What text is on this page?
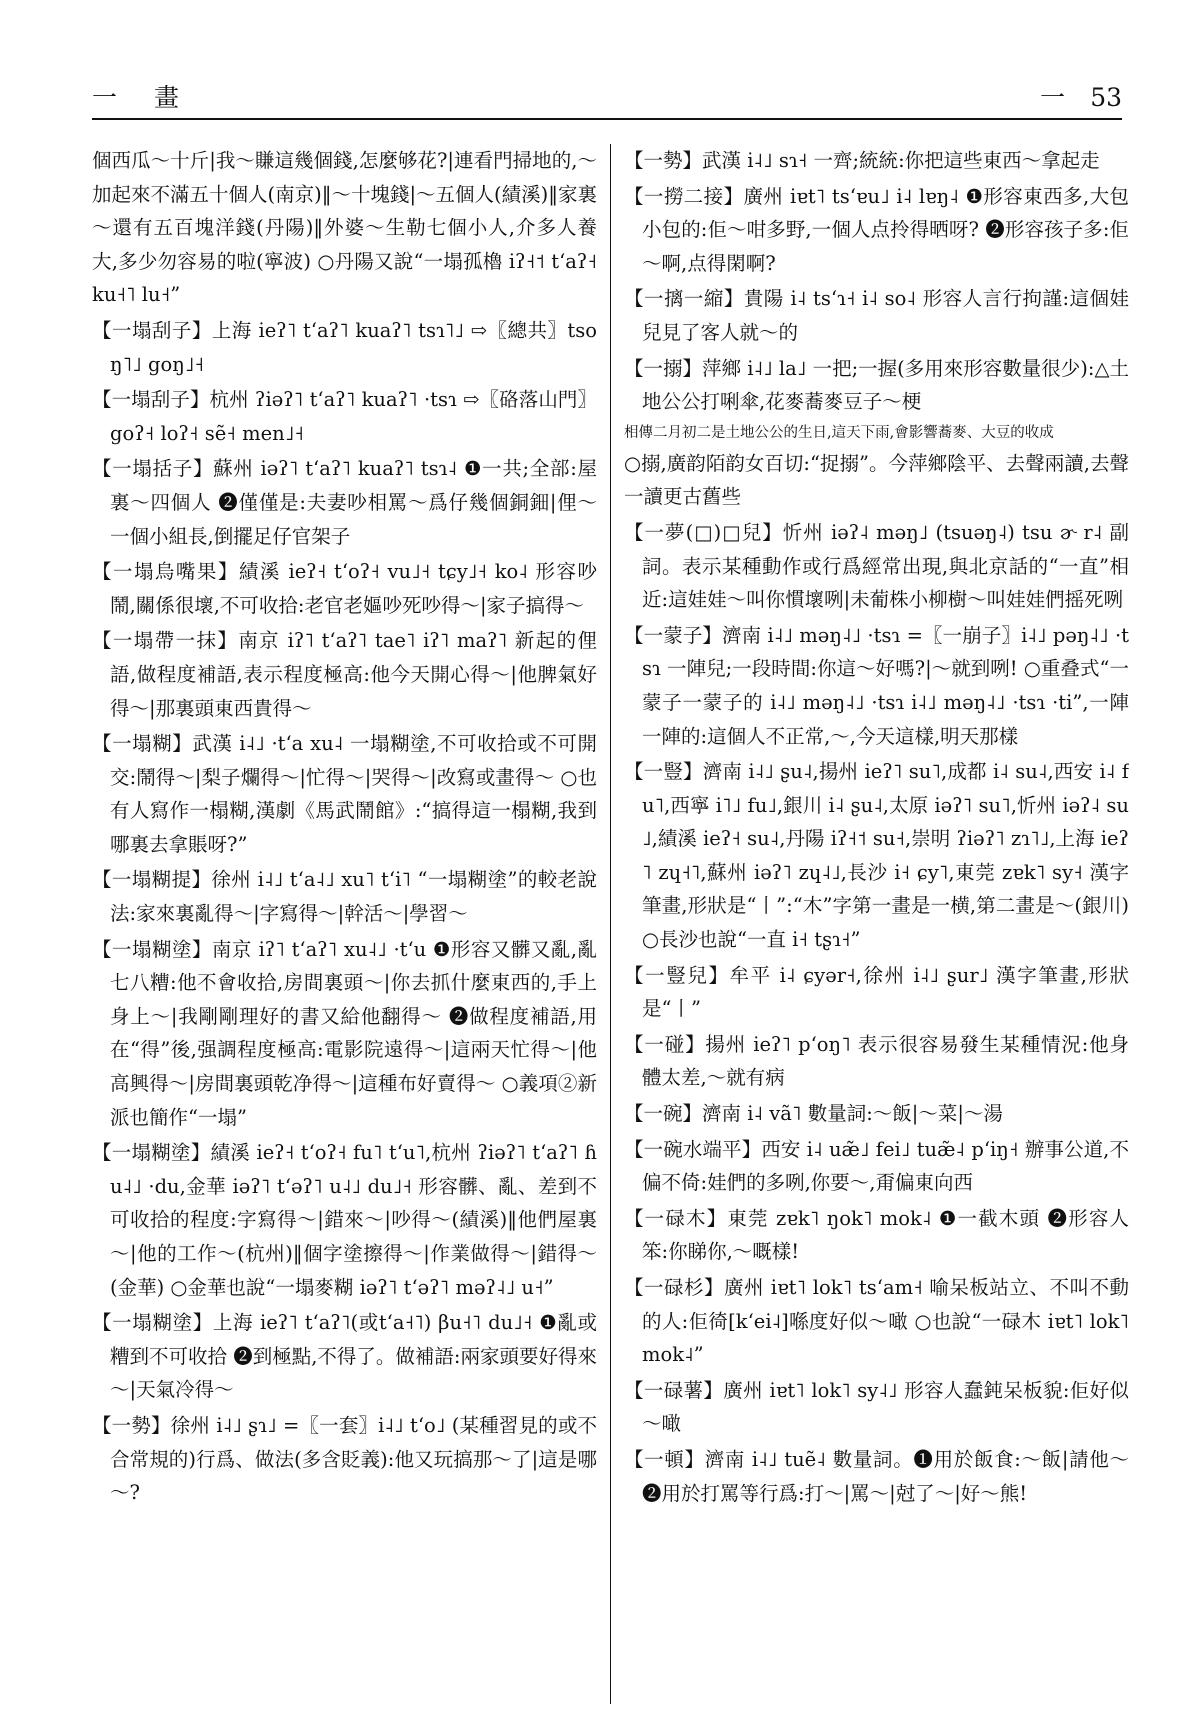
一　畫	一　 53

個西瓜～十斤|我～賺這幾個錢,怎麼够花?|連看門掃地的,～加起來不滿五十個人(南京)‖～十塊錢|～五個人(績溪)‖家裏～還有五百塊洋錢(丹陽)‖外婆～生勒七個小人,介多人養大,多少勿容易的啦(寧波) ○丹陽又說“一塌孤櫓 iʔ˧˦ tʻaʔ˧ ku˧˥ lu˧”

【一塌刮子】上海 ieʔ˥ tʻaʔ˥ kuaʔ˥ tsɿ˥˩ ⇨〖總共〗tsoŋ˥˩ goŋ˩˧

【一塌刮子】杭州 ʔiəʔ˥ tʻaʔ˥ kuaʔ˥ ·tsɿ ⇨〖硌落山門〗goʔ˧ loʔ˧ sẽ˧ men˩˧

【一塌括子】蘇州 iəʔ˥ tʻaʔ˥ kuaʔ˥ tsɿ˨ ❶一共;全部:屋裏～四個人 ❷僅僅是:夫妻吵相罵～爲仔幾個銅鈿|俚～一個小組長,倒擺足仔官架子

【一塌烏嘴果】績溪 ieʔ˧ tʻoʔ˧ vu˩˧ tɕy˩˧ ko˨ 形容吵鬧,關係很壞,不可收拾:老官老嫗吵死吵得～|家子搞得～

【一塌帶一抹】南京 iʔ˥ tʻaʔ˥ tae˥ iʔ˥ maʔ˥ 新起的俚語,做程度補語,表示程度極高:他今天開心得～|他脾氣好得～|那裏頭東西貴得～

【一塌糊】武漢 i˨˩ ·tʻa xu˨ 一塌糊塗,不可收拾或不可開交:鬧得～|梨子爛得～|忙得～|哭得～|改寫或畫得～ ○也有人寫作一榻糊,漢劇《馬武鬧館》:“搞得這一榻糊,我到哪裏去拿賬呀?”

【一塌糊提】徐州 i˨˩ tʻa˨˩ xu˥ tʻi˥ “一塌糊塗”的較老說法:家來裏亂得～|字寫得～|幹活～|學習～

【一塌糊塗】南京 iʔ˥ tʻaʔ˥ xu˨˩ ·tʻu ❶形容又髒又亂,亂七八糟:他不會收拾,房間裏頭～|你去抓什麼東西的,手上身上～|我剛剛理好的書又給他翻得～ ❷做程度補語,用在“得”後,强調程度極高:電影院遠得～|這兩天忙得～|他高興得～|房間裏頭乾净得～|這種布好賣得～ ○義項②新派也簡作“一塌”

【一塌糊塗】績溪 ieʔ˧ tʻoʔ˧ fu˥ tʻu˥,杭州 ʔiəʔ˥ tʻaʔ˥ ɦu˨˩ ·du,金華 iəʔ˥ tʻəʔ˥ u˨˩ du˩˧ 形容髒、亂、差到不可收拾的程度:字寫得～|錯來～|吵得～(績溪)‖他們屋裏～|他的工作～(杭州)‖個字塗擦得～|作業做得～|錯得～(金華) ○金華也說“一塌麥糊 iəʔ˥ tʻəʔ˥ məʔ˨˩ u˧”

【一塌糊塗】上海 ieʔ˥ tʻaʔ˥(或tʻa˧˥) βu˧˥ du˩˧ ❶亂或糟到不可收拾 ❷到極點,不得了。做補語:兩家頭要好得來～|天氣冷得～

【一勢】徐州 i˨˩ ʂɿ˩ =〖一套〗i˨˩ tʻo˩ (某種習見的或不合常規的)行爲、做法(多含貶義):他又玩搞那～了|這是哪～?

【一勢】武漢 i˨˩ sɿ˧ 一齊;統統:你把這些東西～拿起走

【一撈二接】廣州 iɐt˥ tsʻɐu˩ i˨ lɐŋ˨ ❶形容東西多,大包小包的:佢～咁多野,一個人点拎得晒呀? ❷形容孩子多:佢～啊,点得閑啊?

【一摛一縮】貴陽 i˨ tsʻɿ˧ i˨ so˨ 形容人言行拘謹:這個娃兒見了客人就～的

【一搦】萍鄉 i˨˩ la˩ 一把;一握(多用來形容數量很少):△土地公公打唎傘,花麥蕎麥豆子～梗

相傳二月初二是土地公公的生日,這天下雨,會影響蕎麥、大豆的收成

○搦,廣韵陌韵女百切:“捉搦”。今萍鄉陰平、去聲兩讀,去聲一讀更古舊些

【一夢(□)□兒】忻州 iəʔ˨ məŋ˩ (tsuəŋ˨) tsu ɚ r˨ 副詞。表示某種動作或行爲經常出現,與北京話的“一直”相近:這娃娃～叫你慣壞咧|未葡株小柳樹～叫娃娃們摇死咧

【一蒙子】濟南 i˨˩ məŋ˨˩ ·tsɿ =〖一崩子〗i˨˩ pəŋ˨˩ ·tsɿ 一陣兒;一段時間:你這～好嗎?|～就到咧! ○重叠式“一蒙子一蒙子的 i˨˩ məŋ˨˩ ·tsɿ i˨˩ məŋ˨˩ ·tsɿ ·ti”,一陣一陣的:這個人不正常,～,今天這樣,明天那樣

【一豎】濟南 i˨˩ ʂu˨,揚州 ieʔ˥ su˥,成都 i˨ su˨,西安 i˨ fu˥,西寧 i˥˩ fu˩,銀川 i˨ ʂu˨,太原 iəʔ˥ su˥,忻州 iəʔ˨ su˩,績溪 ieʔ˧ su˨,丹陽 iʔ˧˦ su˧,崇明 ʔiəʔ˥ zɿ˥˩,上海 ieʔ˥ zɥ˧˥,蘇州 iəʔ˥ zɥ˨˩,長沙 i˧ ɕy˥,東莞 zɐk˥ sy˧ 漢字筆畫,形狀是“丨”:“木”字第一畫是一横,第二畫是～(銀川) ○長沙也說“一直 i˧ tʂɿ˧”

【一豎兒】牟平 i˨ ɕyər˧,徐州 i˨˩ ʂur˩ 漢字筆畫,形狀是“丨”

【一碰】揚州 ieʔ˥ pʻoŋ˥ 表示很容易發生某種情況:他身體太差,～就有病

【一碗】濟南 i˨ vã˥ 數量詞:～飯|～菜|～湯

【一碗水端平】西安 i˨ uæ̃˩ fei˩ tuæ̃˨ pʻiŋ˧ 辦事公道,不偏不倚:娃們的多咧,你要～,甭偏東向西

【一碌木】東莞 zɐk˥ ŋok˥ mok˨ ❶一截木頭 ❷形容人笨:你睇你,～嘅樣!

【一碌杉】廣州 iɐt˥ lok˥ tsʻam˧ 喻呆板站立、不叫不動的人:佢徛[kʻei˨]喺度好似～噉 ○也說“一碌木 iɐt˥ lok˥ mok˨”

【一碌薯】廣州 iɐt˥ lok˥ sy˨˩ 形容人蠢鈍呆板貌:佢好似～噉

【一頓】濟南 i˨˩ tuẽ˨ 數量詞。❶用於飯食:～飯|請他～ ❷用於打罵等行爲:打～|罵～|尅了～|好～熊!
